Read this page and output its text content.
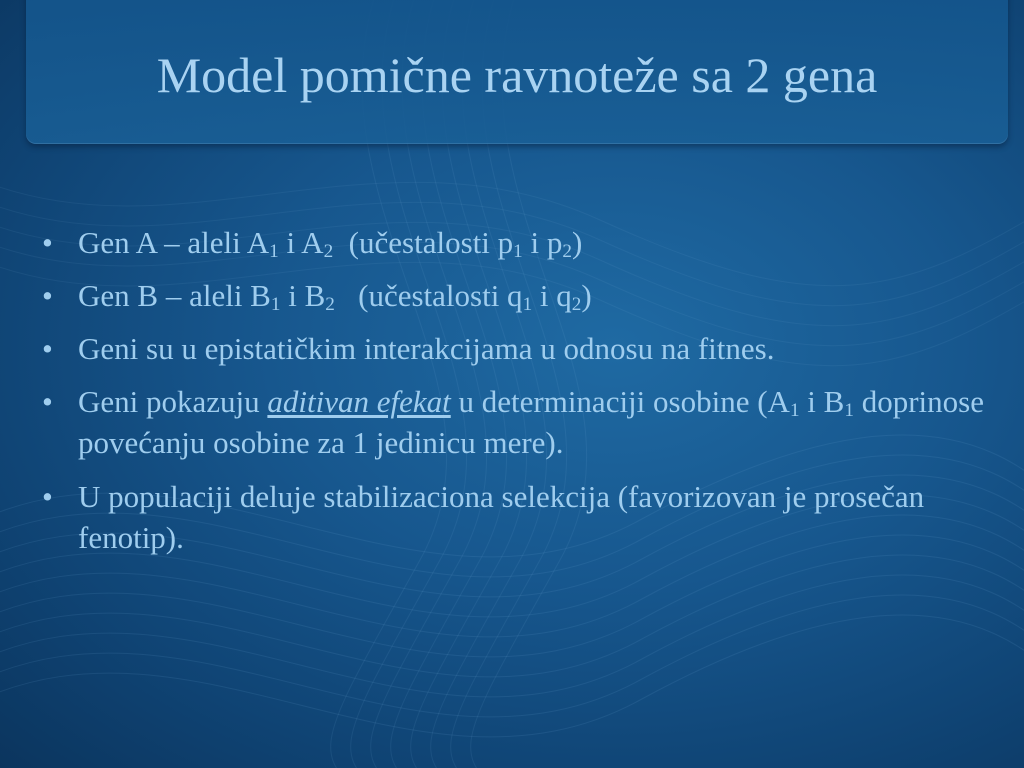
Model pomične ravnoteže sa 2 gena
• Gen A – aleli $A_1$ i $A_2$  (učestalosti $p_1$ i $p_2$)
• Gen B – aleli $B_1$ i $B_2$   (učestalosti $q_1$ i $q_2$)
• Geni su u epistatičkim interakcijama u odnosu na fitnes.
• Geni pokazuju aditivan efekat u determinaciji osobine ($A_1$ i $B_1$ doprinose povećanju osobine za 1 jedinicu mere).
• U populaciji deluje stabilizaciona selekcija (favorizovan je prosečan fenotip).
